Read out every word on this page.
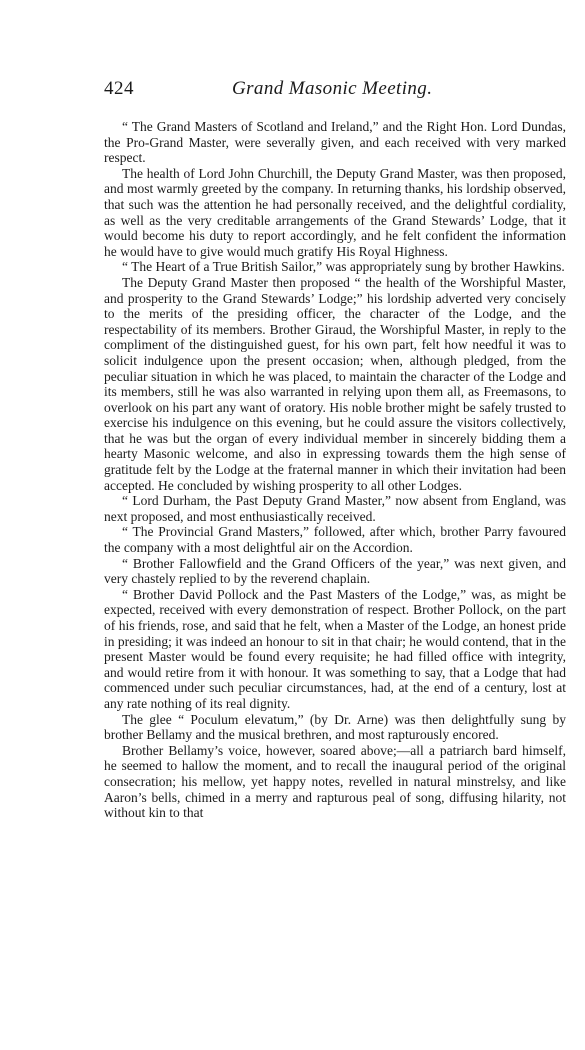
424	Grand Masonic Meeting.

“ The Grand Masters of Scotland and Ireland,” and the Right Hon. Lord Dundas, the Pro-Grand Master, were severally given, and each received with very marked respect.

The health of Lord John Churchill, the Deputy Grand Master, was then proposed, and most warmly greeted by the company. In returning thanks, his lordship observed, that such was the attention he had personally received, and the delightful cordiality, as well as the very creditable arrangements of the Grand Stewards’ Lodge, that it would become his duty to report accordingly, and he felt confident the information he would have to give would much gratify His Royal Highness.

“ The Heart of a True British Sailor,” was appropriately sung by brother Hawkins.

The Deputy Grand Master then proposed “ the health of the Worshipful Master, and prosperity to the Grand Stewards’ Lodge;” his lordship adverted very concisely to the merits of the presiding officer, the character of the Lodge, and the respectability of its members. Brother Giraud, the Worshipful Master, in reply to the compliment of the distinguished guest, for his own part, felt how needful it was to solicit indulgence upon the present occasion; when, although pledged, from the peculiar situation in which he was placed, to maintain the character of the Lodge and its members, still he was also warranted in relying upon them all, as Freemasons, to overlook on his part any want of oratory. His noble brother might be safely trusted to exercise his indulgence on this evening, but he could assure the visitors collectively, that he was but the organ of every individual member in sincerely bidding them a hearty Masonic welcome, and also in expressing towards them the high sense of gratitude felt by the Lodge at the fraternal manner in which their invitation had been accepted. He concluded by wishing prosperity to all other Lodges.

“ Lord Durham, the Past Deputy Grand Master,” now absent from England, was next proposed, and most enthusiastically received.

“ The Provincial Grand Masters,” followed, after which, brother Parry favoured the company with a most delightful air on the Accordion.

“ Brother Fallowfield and the Grand Officers of the year,” was next given, and very chastely replied to by the reverend chaplain.

“ Brother David Pollock and the Past Masters of the Lodge,” was, as might be expected, received with every demonstration of respect. Brother Pollock, on the part of his friends, rose, and said that he felt, when a Master of the Lodge, an honest pride in presiding; it was indeed an honour to sit in that chair; he would contend, that in the present Master would be found every requisite; he had filled office with integrity, and would retire from it with honour. It was something to say, that a Lodge that had commenced under such peculiar circumstances, had, at the end of a century, lost at any rate nothing of its real dignity.

The glee “ Poculum elevatum,” (by Dr. Arne) was then delightfully sung by brother Bellamy and the musical brethren, and most rapturously encored.

Brother Bellamy’s voice, however, soared above;—all a patriarch bard himself, he seemed to hallow the moment, and to recall the inaugural period of the original consecration; his mellow, yet happy notes, revelled in natural minstrelsy, and like Aaron’s bells, chimed in a merry and rapturous peal of song, diffusing hilarity, not without kin to that
